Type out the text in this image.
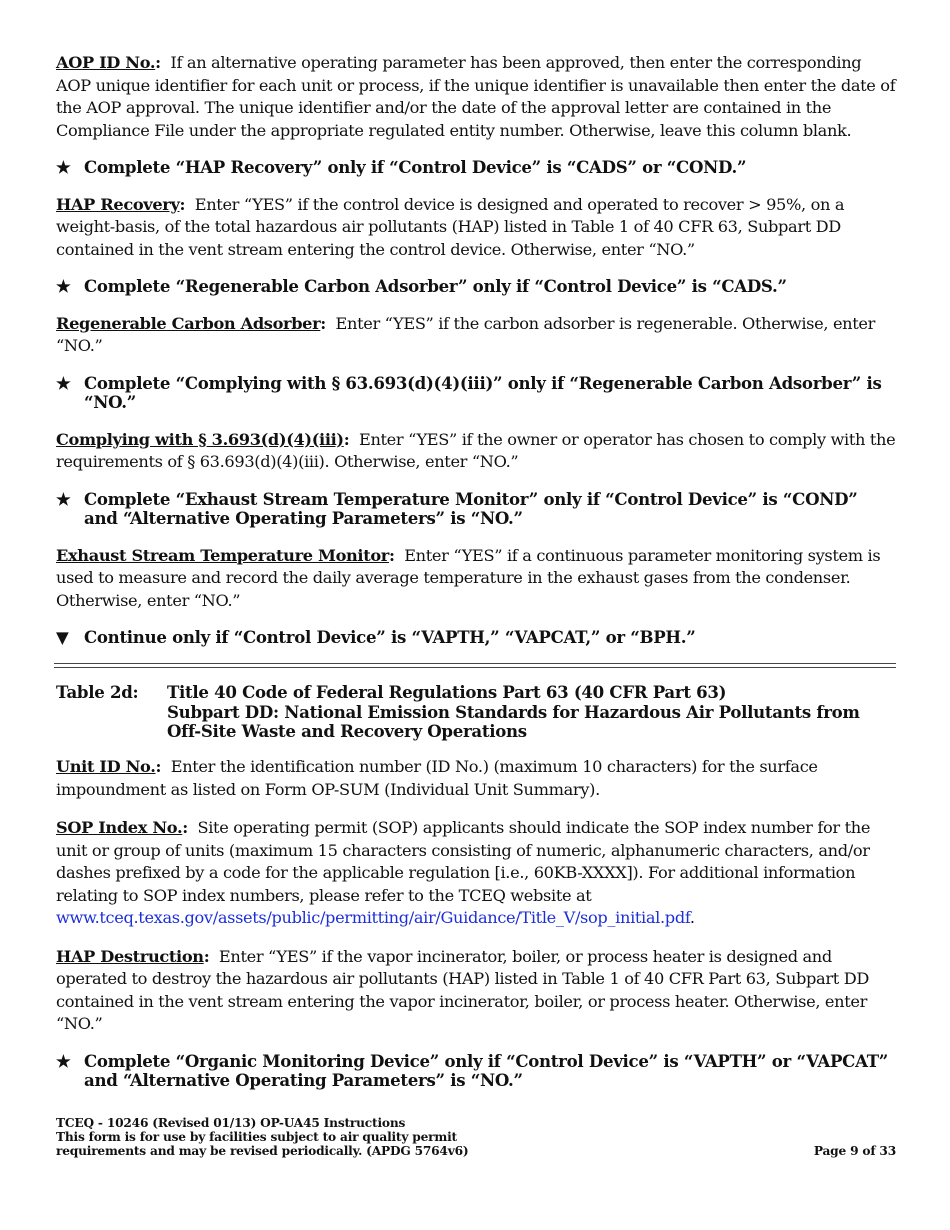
AOP ID No.: If an alternative operating parameter has been approved, then enter the corresponding AOP unique identifier for each unit or process, if the unique identifier is unavailable then enter the date of the AOP approval. The unique identifier and/or the date of the approval letter are contained in the Compliance File under the appropriate regulated entity number. Otherwise, leave this column blank.

★ Complete “HAP Recovery” only if “Control Device” is “CADS” or “COND.”

HAP Recovery: Enter “YES” if the control device is designed and operated to recover > 95%, on a weight-basis, of the total hazardous air pollutants (HAP) listed in Table 1 of 40 CFR 63, Subpart DD contained in the vent stream entering the control device. Otherwise, enter “NO.”

★ Complete “Regenerable Carbon Adsorber” only if “Control Device” is “CADS.”

Regenerable Carbon Adsorber: Enter “YES” if the carbon adsorber is regenerable. Otherwise, enter “NO.”

★ Complete “Complying with § 63.693(d)(4)(iii)” only if “Regenerable Carbon Adsorber” is “NO.”

Complying with § 3.693(d)(4)(iii): Enter “YES” if the owner or operator has chosen to comply with the requirements of § 63.693(d)(4)(iii). Otherwise, enter “NO.”

★ Complete “Exhaust Stream Temperature Monitor” only if “Control Device” is “COND” and “Alternative Operating Parameters” is “NO.”

Exhaust Stream Temperature Monitor: Enter “YES” if a continuous parameter monitoring system is used to measure and record the daily average temperature in the exhaust gases from the condenser. Otherwise, enter “NO.”

▼ Continue only if “Control Device” is “VAPTH,” “VAPCAT,” or “BPH.”
Table 2d:	Title 40 Code of Federal Regulations Part 63 (40 CFR Part 63)
Subpart DD: National Emission Standards for Hazardous Air Pollutants from Off-Site Waste and Recovery Operations

Unit ID No.: Enter the identification number (ID No.) (maximum 10 characters) for the surface impoundment as listed on Form OP-SUM (Individual Unit Summary).

SOP Index No.: Site operating permit (SOP) applicants should indicate the SOP index number for the unit or group of units (maximum 15 characters consisting of numeric, alphanumeric characters, and/or dashes prefixed by a code for the applicable regulation [i.e., 60KB-XXXX]). For additional information relating to SOP index numbers, please refer to the TCEQ website at
www.tceq.texas.gov/assets/public/permitting/air/Guidance/Title_V/sop_initial.pdf.

HAP Destruction: Enter “YES” if the vapor incinerator, boiler, or process heater is designed and operated to destroy the hazardous air pollutants (HAP) listed in Table 1 of 40 CFR Part 63, Subpart DD contained in the vent stream entering the vapor incinerator, boiler, or process heater. Otherwise, enter “NO.”

★ Complete “Organic Monitoring Device” only if “Control Device” is “VAPTH” or “VAPCAT” and “Alternative Operating Parameters” is “NO.”
TCEQ - 10246 (Revised 01/13) OP-UA45 Instructions
This form is for use by facilities subject to air quality permit
requirements and may be revised periodically. (APDG 5764v6)	Page 9 of 33
